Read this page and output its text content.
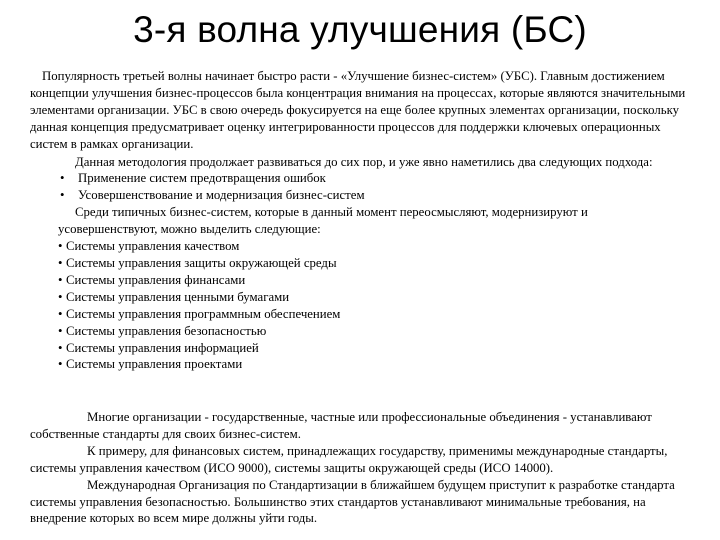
3-я волна улучшения (БС)

Популярность третьей волны начинает быстро расти - «Улучшение бизнес-систем» (УБС). Главным достижением концепции улучшения бизнес-процессов была концентрация внимания на процессах, которые являются значительными элементами организации. УБС в свою очередь фокусируется на еще более крупных элементах организации, поскольку данная концепция предусматривает оценку интегрированности процессов для поддержки ключевых операционных систем в рамках организации.

Данная методология продолжает развиваться до сих пор, и уже явно наметились два следующих подхода:

• Применение систем предотвращения ошибок
• Усовершенствование и модернизация бизнес-систем

Среди типичных бизнес-систем, которые в данный момент переосмысляют, модернизируют и усовершенствуют, можно выделить следующие:

• Системы управления качеством
• Системы управления защиты окружающей среды
• Системы управления финансами
• Системы управления ценными бумагами
• Системы управления программным обеспечением
• Системы управления безопасностью
• Системы управления информацией
• Системы управления проектами

Многие организации - государственные, частные или профессиональные объединения - устанавливают собственные стандарты для своих бизнес-систем.

К примеру, для финансовых систем, принадлежащих государству, применимы международные стандарты, системы управления качеством (ИСО 9000), системы защиты окружающей среды (ИСО 14000).

Международная Организация по Стандартизации в ближайшем будущем приступит к разработке стандарта системы управления безопасностью. Большинство этих стандартов устанавливают минимальные требования, на внедрение которых во всем мире должны уйти годы.
